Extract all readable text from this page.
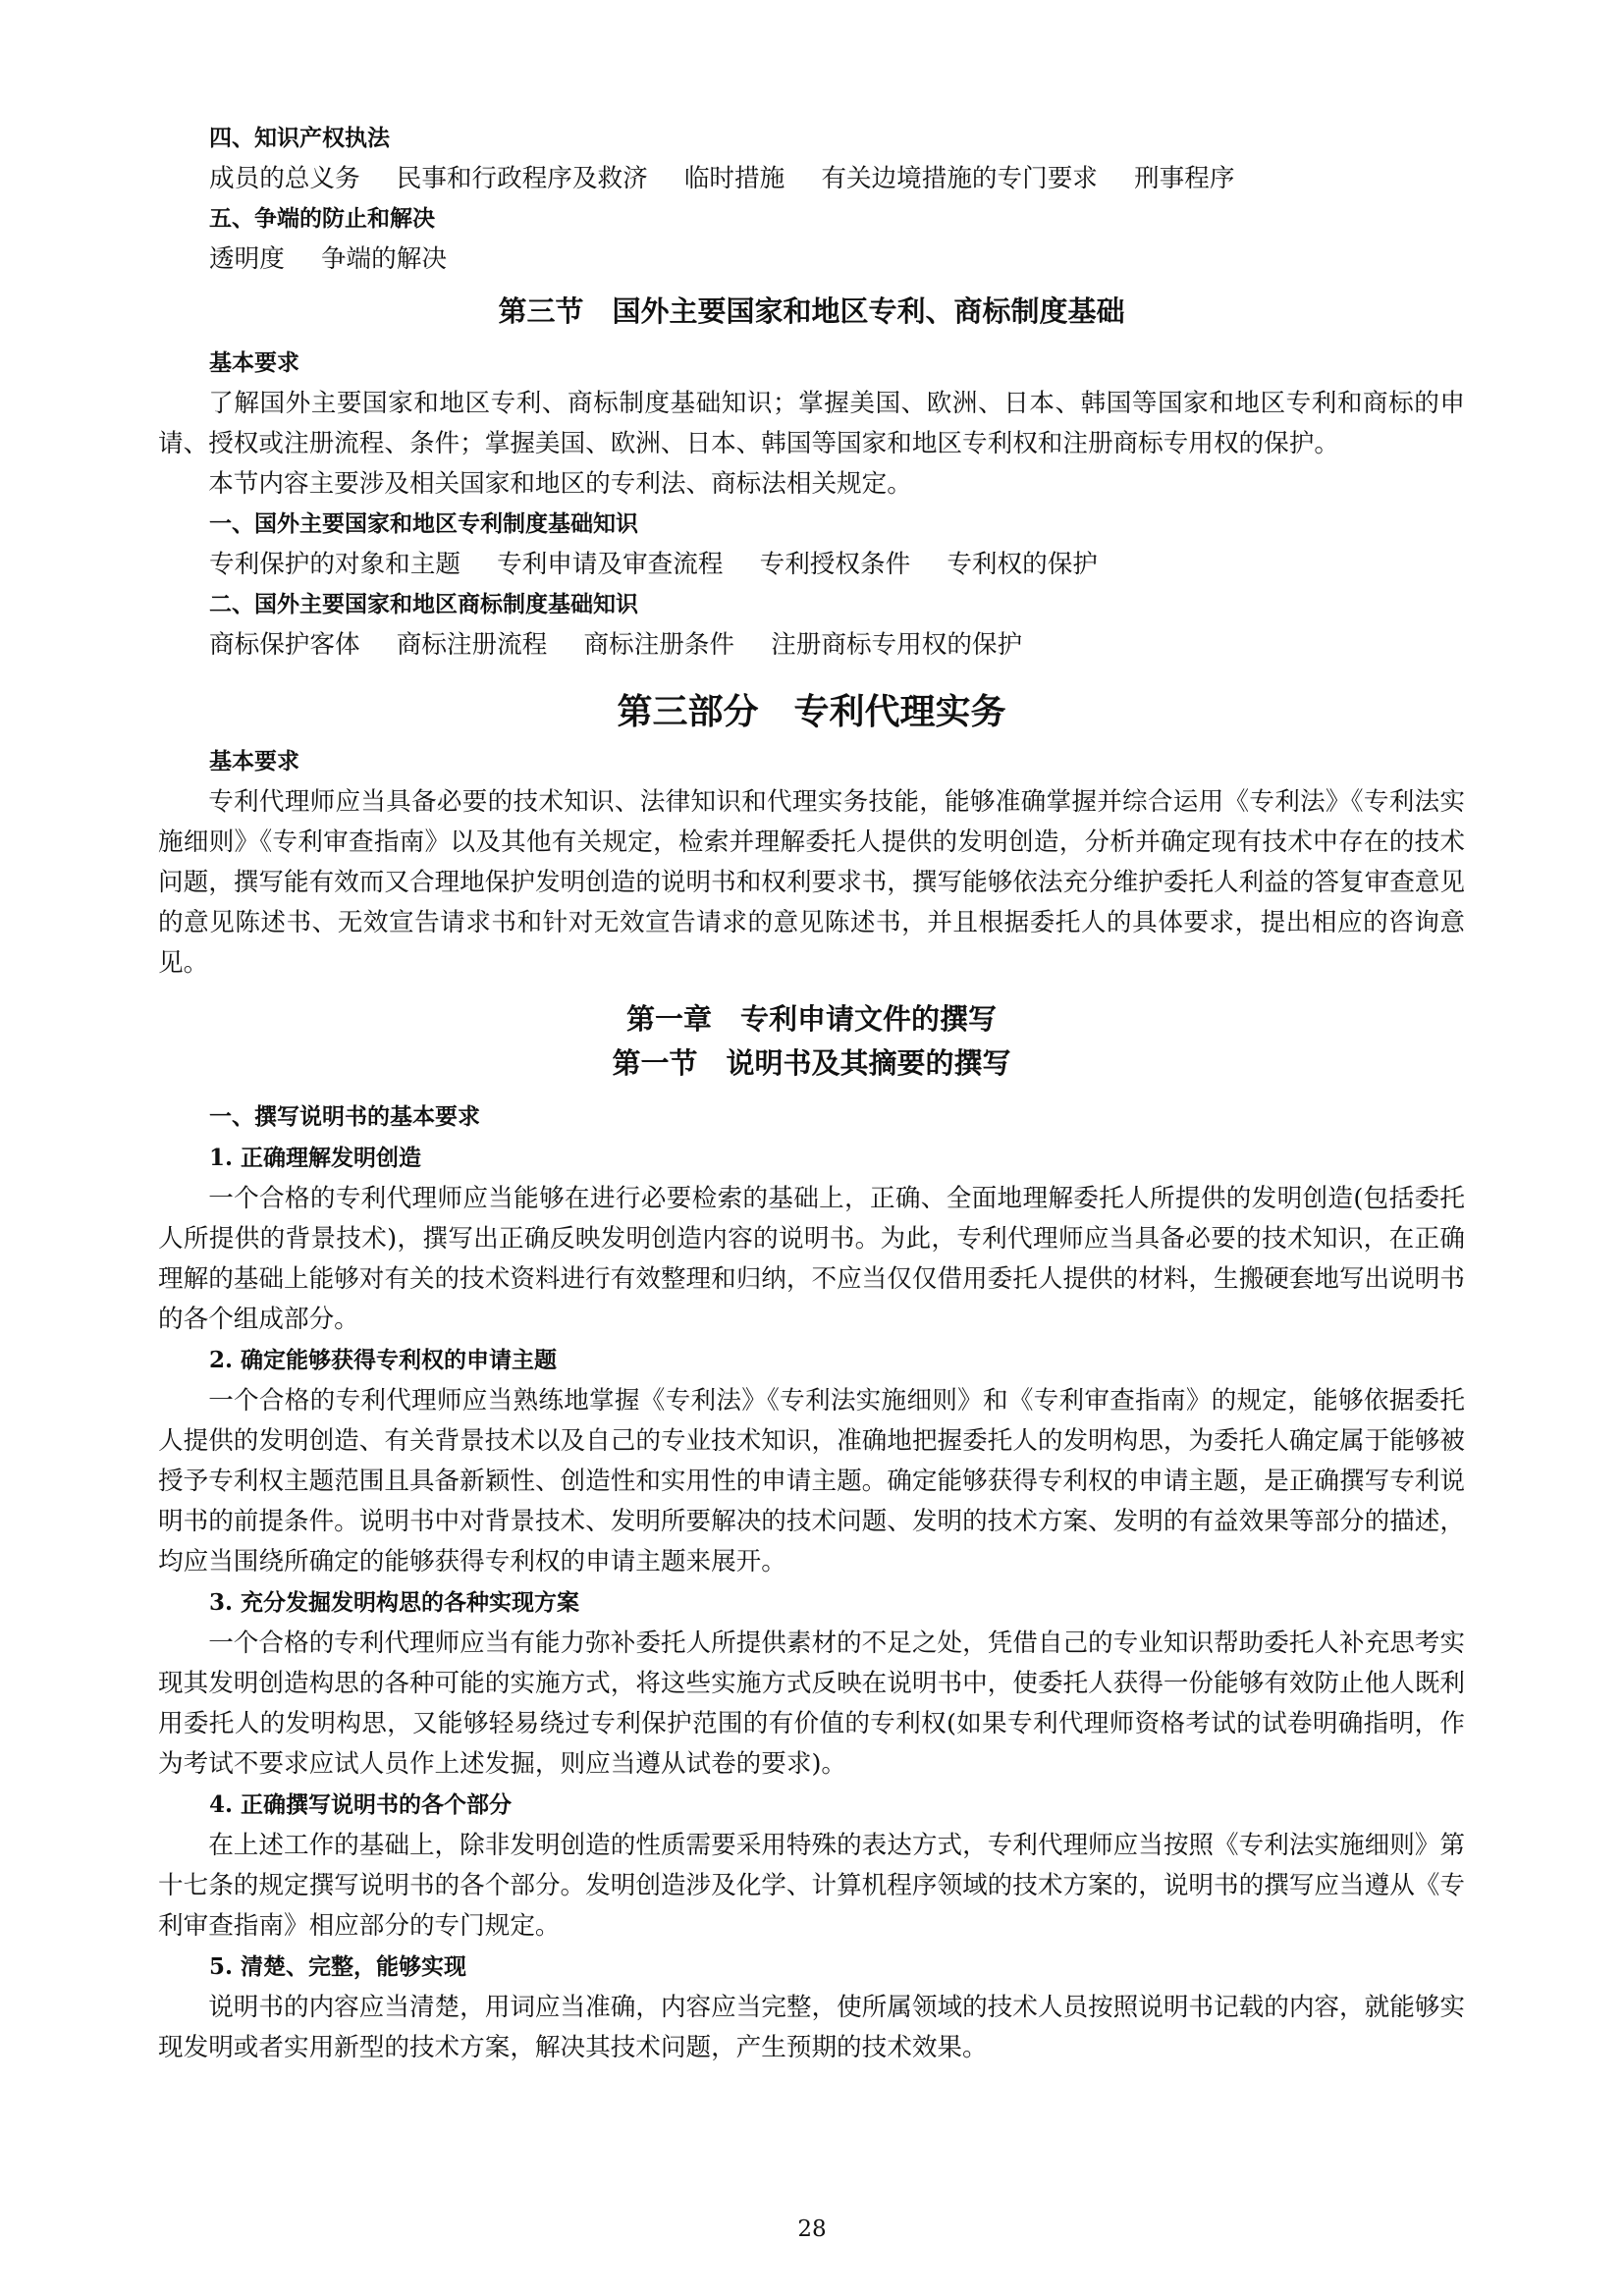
四、知识产权执法

成员的总义务 民事和行政程序及救济 临时措施 有关边境措施的专门要求 刑事程序

五、争端的防止和解决

透明度 争端的解决

第三节　国外主要国家和地区专利、商标制度基础

基本要求

了解国外主要国家和地区专利、商标制度基础知识；掌握美国、欧洲、日本、韩国等国家和地区专利和商标的申请、授权或注册流程、条件；掌握美国、欧洲、日本、韩国等国家和地区专利权和注册商标专用权的保护。

本节内容主要涉及相关国家和地区的专利法、商标法相关规定。

一、国外主要国家和地区专利制度基础知识

专利保护的对象和主题 专利申请及审查流程 专利授权条件 专利权的保护

二、国外主要国家和地区商标制度基础知识

商标保护客体 商标注册流程 商标注册条件 注册商标专用权的保护

第三部分　专利代理实务

基本要求

专利代理师应当具备必要的技术知识、法律知识和代理实务技能，能够准确掌握并综合运用《专利法》《专利法实施细则》《专利审查指南》以及其他有关规定，检索并理解委托人提供的发明创造，分析并确定现有技术中存在的技术问题，撰写能有效而又合理地保护发明创造的说明书和权利要求书，撰写能够依法充分维护委托人利益的答复审查意见的意见陈述书、无效宣告请求书和针对无效宣告请求的意见陈述书，并且根据委托人的具体要求，提出相应的咨询意见。

第一章　专利申请文件的撰写

第一节　说明书及其摘要的撰写

一、撰写说明书的基本要求

1. 正确理解发明创造

一个合格的专利代理师应当能够在进行必要检索的基础上，正确、全面地理解委托人所提供的发明创造(包括委托人所提供的背景技术)，撰写出正确反映发明创造内容的说明书。为此，专利代理师应当具备必要的技术知识，在正确理解的基础上能够对有关的技术资料进行有效整理和归纳，不应当仅仅借用委托人提供的材料，生搬硬套地写出说明书的各个组成部分。

2. 确定能够获得专利权的申请主题

一个合格的专利代理师应当熟练地掌握《专利法》《专利法实施细则》和《专利审查指南》的规定，能够依据委托人提供的发明创造、有关背景技术以及自己的专业技术知识，准确地把握委托人的发明构思，为委托人确定属于能够被授予专利权主题范围且具备新颖性、创造性和实用性的申请主题。确定能够获得专利权的申请主题，是正确撰写专利说明书的前提条件。说明书中对背景技术、发明所要解决的技术问题、发明的技术方案、发明的有益效果等部分的描述，均应当围绕所确定的能够获得专利权的申请主题来展开。

3. 充分发掘发明构思的各种实现方案

一个合格的专利代理师应当有能力弥补委托人所提供素材的不足之处，凭借自己的专业知识帮助委托人补充思考实现其发明创造构思的各种可能的实施方式，将这些实施方式反映在说明书中，使委托人获得一份能够有效防止他人既利用委托人的发明构思，又能够轻易绕过专利保护范围的有价值的专利权(如果专利代理师资格考试的试卷明确指明，作为考试不要求应试人员作上述发掘，则应当遵从试卷的要求)。

4. 正确撰写说明书的各个部分

在上述工作的基础上，除非发明创造的性质需要采用特殊的表达方式，专利代理师应当按照《专利法实施细则》第十七条的规定撰写说明书的各个部分。发明创造涉及化学、计算机程序领域的技术方案的，说明书的撰写应当遵从《专利审查指南》相应部分的专门规定。

5. 清楚、完整，能够实现

说明书的内容应当清楚，用词应当准确，内容应当完整，使所属领域的技术人员按照说明书记载的内容，就能够实现发明或者实用新型的技术方案，解决其技术问题，产生预期的技术效果。

28
